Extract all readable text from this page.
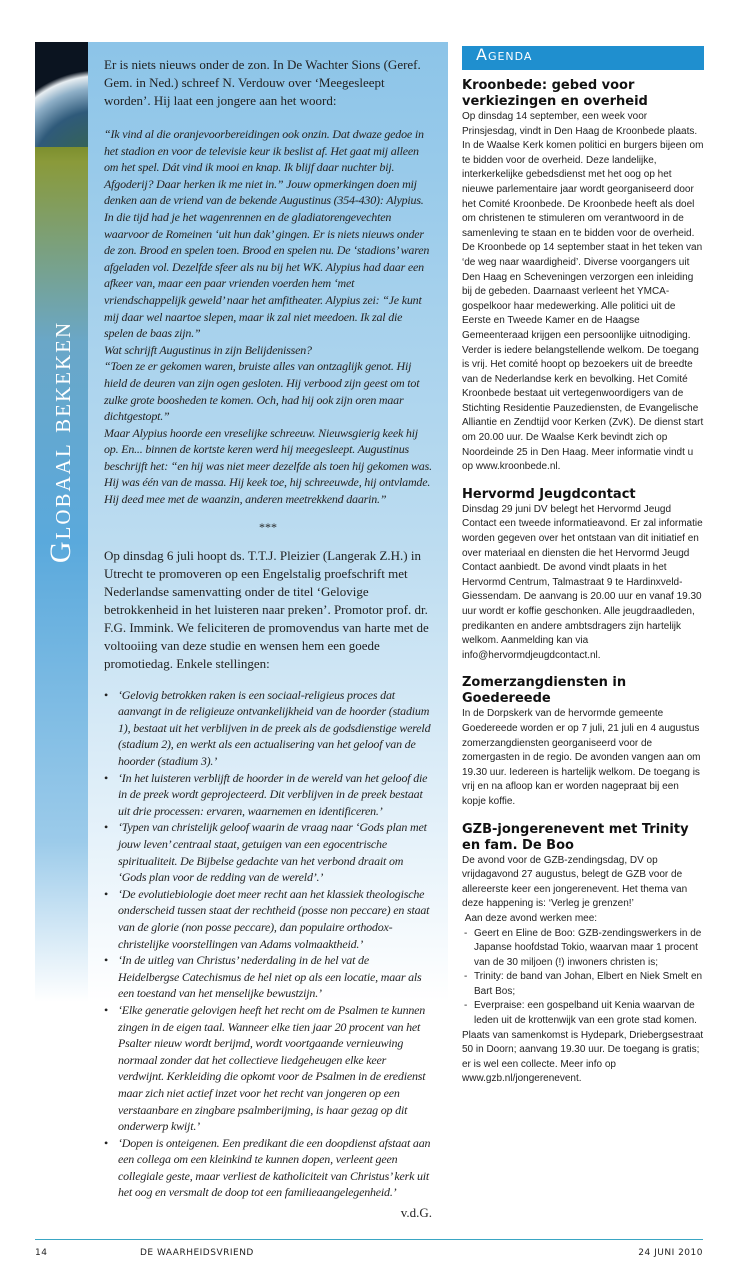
Globaal bekeken

Er is niets nieuws onder de zon. In De Wachter Sions (Geref. Gem. in Ned.) schreef N. Verdouw over ‘Meegesleept worden’. Hij laat een jongere aan het woord:

“Ik vind al die oranjevoorbereidingen ook onzin. Dat dwaze gedoe in het stadion en voor de televisie keur ik beslist af. Het gaat mij alleen om het spel. Dát vind ik mooi en knap. Ik blijf daar nuchter bij. Afgoderij? Daar herken ik me niet in.” Jouw opmerkingen doen mij denken aan de vriend van de bekende Augustinus (354-430): Alypius. In die tijd had je het wagenrennen en de gladiatorengevechten waarvoor de Romeinen ‘uit hun dak’ gingen. Er is niets nieuws onder de zon. Brood en spelen toen. Brood en spelen nu. De ‘stadions’ waren afgeladen vol. Dezelfde sfeer als nu bij het WK. Alypius had daar een afkeer van, maar een paar vrienden voerden hem ‘met vriendschappelijk geweld’ naar het amfitheater. Alypius zei: “Je kunt mij daar wel naartoe slepen, maar ik zal niet meedoen. Ik zal die spelen de baas zijn.”

Wat schrijft Augustinus in zijn Belijdenissen?

“Toen ze er gekomen waren, bruiste alles van ontzaglijk genot. Hij hield de deuren van zijn ogen gesloten. Hij verbood zijn geest om tot zulke grote boosheden te komen. Och, had hij ook zijn oren maar dichtgestopt.”

Maar Alypius hoorde een vreselijke schreeuw. Nieuwsgierig keek hij op. En... binnen de kortste keren werd hij meegesleept. Augustinus beschrijft het: “en hij was niet meer dezelfde als toen hij gekomen was. Hij was één van de massa. Hij keek toe, hij schreeuwde, hij ontvlamde. Hij deed mee met de waanzin, anderen meetrekkend daarin.”

***

Op dinsdag 6 juli hoopt ds. T.T.J. Pleizier (Langerak Z.H.) in Utrecht te promoveren op een Engelstalig proefschrift met Nederlandse samenvatting onder de titel ‘Gelovige betrokkenheid in het luisteren naar preken’. Promotor prof. dr. F.G. Immink. We feliciteren de promovendus van harte met de voltooiing van deze studie en wensen hem een goede promotiedag. Enkele stellingen:

• ‘Gelovig betrokken raken is een sociaal-religieus proces dat aanvangt in de religieuze ontvankelijkheid van de hoorder (stadium 1), bestaat uit het verblijven in de preek als de godsdienstige wereld (stadium 2), en werkt als een actualisering van het geloof van de hoorder (stadium 3).’
• ‘In het luisteren verblijft de hoorder in de wereld van het geloof die in de preek wordt geprojecteerd. Dit verblijven in de preek bestaat uit drie processen: ervaren, waarnemen en identificeren.’
• ‘Typen van christelijk geloof waarin de vraag naar ‘Gods plan met jouw leven’ centraal staat, getuigen van een egocentrische spiritualiteit. De Bijbelse gedachte van het verbond draait om ‘Gods plan voor de redding van de wereld’.’
• ‘De evolutiebiologie doet meer recht aan het klassiek theologische onderscheid tussen staat der rechtheid (posse non peccare) en staat van de glorie (non posse peccare), dan populaire orthodox-christelijke voorstellingen van Adams volmaaktheid.’
• ‘In de uitleg van Christus’ nederdaling in de hel vat de Heidelbergse Catechismus de hel niet op als een locatie, maar als een toestand van het menselijke bewustzijn.’
• ‘Elke generatie gelovigen heeft het recht om de Psalmen te kunnen zingen in de eigen taal. Wanneer elke tien jaar 20 procent van het Psalter nieuw wordt berijmd, wordt voortgaande vernieuwing normaal zonder dat het collectieve liedgeheugen elke keer verdwijnt. Kerkleiding die opkomt voor de Psalmen in de eredienst maar zich niet actief inzet voor het recht van jongeren op een verstaanbare en zingbare psalmberijming, is haar gezag op dit onderwerp kwijt.’
• ‘Dopen is onteigenen. Een predikant die een doopdienst afstaat aan een collega om een kleinkind te kunnen dopen, verleent geen collegiale geste, maar verliest de katholiciteit van Christus’ kerk uit het oog en versmalt de doop tot een familieaangelegenheid.’

v.d.G.

Agenda
Kroonbede: gebed voor verkiezingen en overheid

Op dinsdag 14 september, een week voor Prinsjesdag, vindt in Den Haag de Kroonbede plaats. In de Waalse Kerk komen politici en burgers bijeen om te bidden voor de overheid. Deze landelijke, interkerkelijke gebedsdienst met het oog op het nieuwe parlementaire jaar wordt georganiseerd door het Comité Kroonbede. De Kroonbede heeft als doel om christenen te stimuleren om verantwoord in de samenleving te staan en te bidden voor de overheid. De Kroonbede op 14 september staat in het teken van ‘de weg naar waardigheid’. Diverse voorgangers uit Den Haag en Scheveningen verzorgen een inleiding bij de gebeden. Daarnaast verleent het YMCA-gospelkoor haar medewerking. Alle politici uit de Eerste en Tweede Kamer en de Haagse Gemeenteraad krijgen een persoonlijke uitnodiging. Verder is iedere belangstellende welkom. De toegang is vrij. Het comité hoopt op bezoekers uit de breedte van de Nederlandse kerk en bevolking. Het Comité Kroonbede bestaat uit vertegenwoordigers van de Stichting Residentie Pauzediensten, de Evangelische Alliantie en Zendtijd voor Kerken (ZvK). De dienst start om 20.00 uur. De Waalse Kerk bevindt zich op Noordeinde 25 in Den Haag. Meer informatie vindt u op www.kroonbede.nl.

Hervormd Jeugdcontact

Dinsdag 29 juni DV belegt het Hervormd Jeugd Contact een tweede informatieavond. Er zal informatie worden gegeven over het ontstaan van dit initiatief en over materiaal en diensten die het Hervormd Jeugd Contact aanbiedt. De avond vindt plaats in het Hervormd Centrum, Talmastraat 9 te Hardinxveld-Giessendam. De aanvang is 20.00 uur en vanaf 19.30 uur wordt er koffie geschonken. Alle jeugdraadleden, predikanten en andere ambtsdragers zijn hartelijk welkom. Aanmelding kan via info@hervormdjeugdcontact.nl.

Zomerzangdiensten in Goedereede

In de Dorpskerk van de hervormde gemeente Goedereede worden er op 7 juli, 21 juli en 4 augustus zomerzangdiensten georganiseerd voor de zomergasten in de regio. De avonden vangen aan om 19.30 uur. Iedereen is hartelijk welkom. De toegang is vrij en na afloop kan er worden nagepraat bij een kopje koffie.

GZB-jongerenevent met Trinity en fam. De Boo

De avond voor de GZB-zendingsdag, DV op vrijdagavond 27 augustus, belegt de GZB voor de allereerste keer een jongerenevent. Het thema van deze happening is: ‘Verleg je grenzen!’

Aan deze avond werken mee:

- Geert en Eline de Boo: GZB-zendingswerkers in de Japanse hoofdstad Tokio, waarvan maar 1 procent van de 30 miljoen (!) inwoners christen is;
- Trinity: de band van Johan, Elbert en Niek Smelt en Bart Bos;
- Everpraise: een gospelband uit Kenia waarvan de leden uit de krottenwijk van een grote stad komen.

Plaats van samenkomst is Hydepark, Driebergsestraat 50 in Doorn; aanvang 19.30 uur. De toegang is gratis; er is wel een collecte. Meer info op www.gzb.nl/jongerenevent.

14	DE WAARHEIDSVRIEND	24 JUNI 2010
